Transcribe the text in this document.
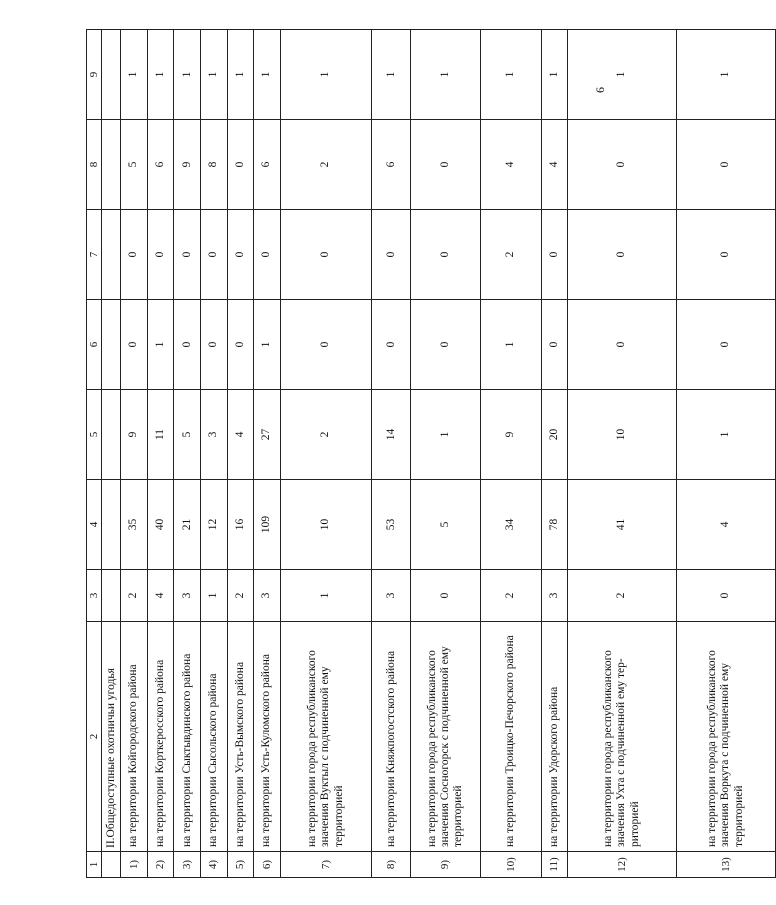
6
1	2	3	4	5	6	7	8	9
	II.Общедоступные охотничьи угодья							
1)	на территории Койгородского района	2	35	9	0	0	5	1
2)	на территории Корткеросского района	4	40	11	1	0	6	1
3)	на территории Сыктывдинского района	3	21	5	0	0	9	1
4)	на территории Сысольского района	1	12	3	0	0	8	1
5)	на территории Усть-Вымского района	2	16	4	0	0	0	1
6)	на территории Усть-Куломского района	3	109	27	1	0	6	1
7)	на территории города республиканского значения Вуктыл с подчиненной ему территорией	1	10	2	0	0	2	1
8)	на территории Княжпогостского района	3	53	14	0	0	6	1
9)	на территории города республиканского значения Сосногорск с подчиненной ему территорией	0	5	1	0	0	0	1
10)	на территории Троицко-Печорского района	2	34	9	1	2	4	1
11)	на территории Удорского района	3	78	20	0	0	4	1
12)	на территории города республиканского значения Ухта с подчиненной ему тер-риторией	2	41	10	0	0	0	1
13)	на территории города республиканского значения Воркута с подчиненной ему территорией	0	4	1	0	0	0	1
